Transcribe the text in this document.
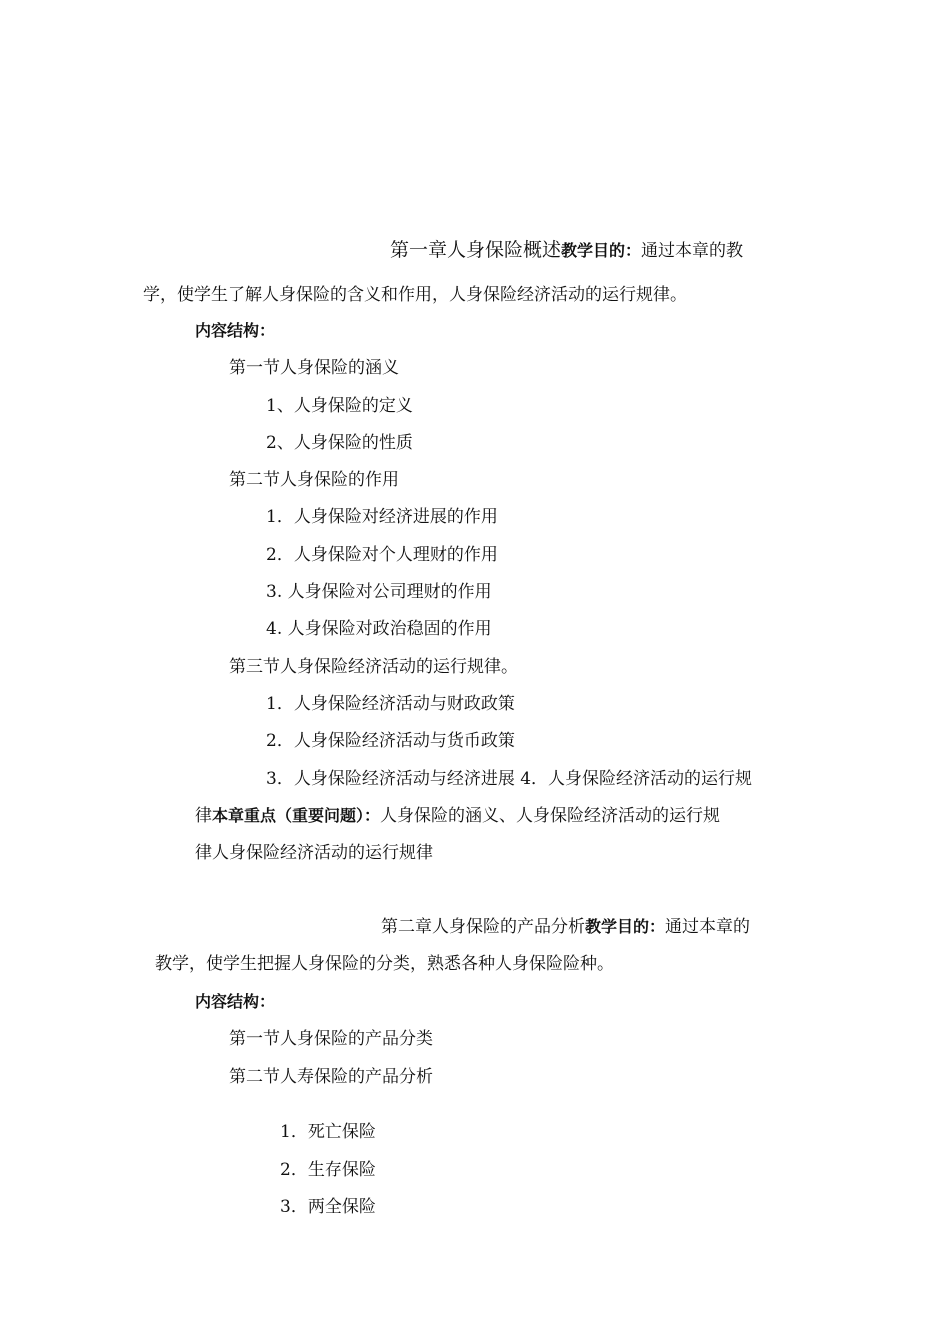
第一章人身保险概述教学目的：通过本章的教
学，使学生了解人身保险的含义和作用，人身保险经济活动的运行规律。
内容结构：
第一节人身保险的涵义
1、人身保险的定义
2、人身保险的性质
第二节人身保险的作用
1．人身保险对经济进展的作用
2．人身保险对个人理财的作用
3. 人身保险对公司理财的作用
4. 人身保险对政治稳固的作用
第三节人身保险经济活动的运行规律。
1．人身保险经济活动与财政政策
2．人身保险经济活动与货币政策
3．人身保险经济活动与经济进展 4．人身保险经济活动的运行规
律本章重点（重要问题）：人身保险的涵义、人身保险经济活动的运行规
律人身保险经济活动的运行规律
第二章人身保险的产品分析教学目的：通过本章的
教学，使学生把握人身保险的分类，熟悉各种人身保险险种。
内容结构：
第一节人身保险的产品分类
第二节人寿保险的产品分析
1．死亡保险
2．生存保险
3．两全保险
